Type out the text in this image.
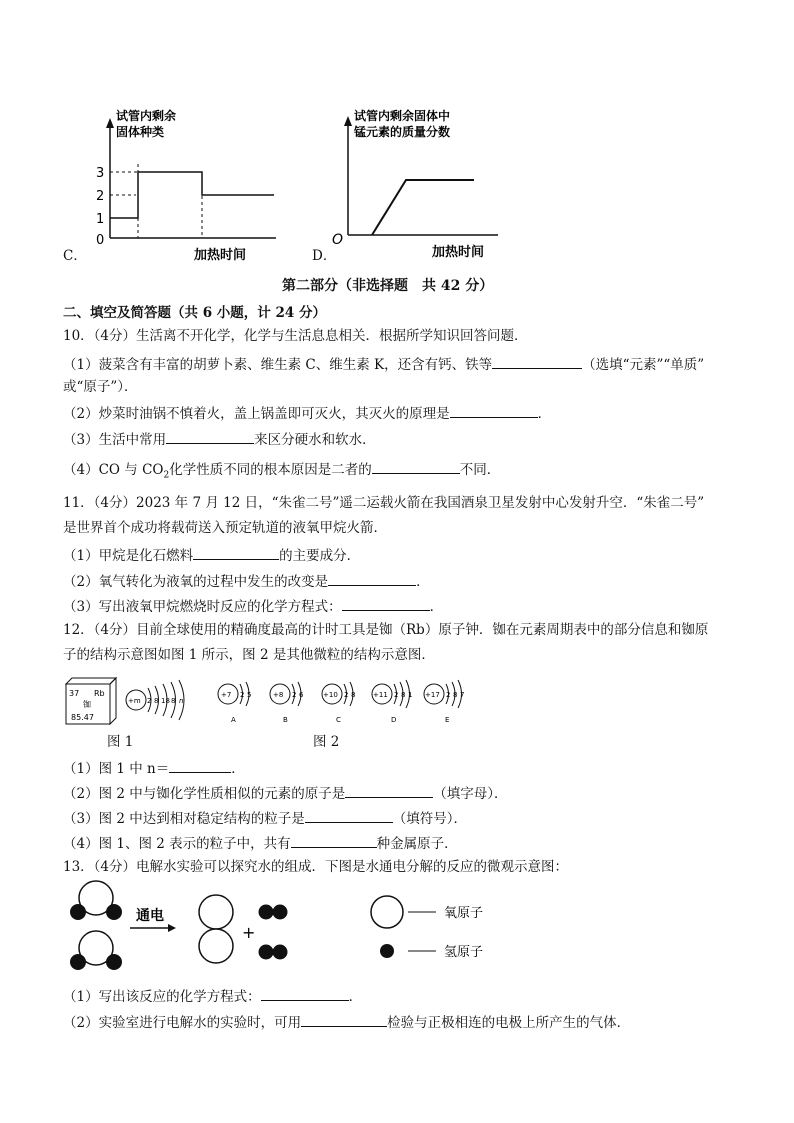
C．
试管内剩余
固体种类
3
2
1
0
加热时间	D．
试管内剩余固体中
锰元素的质量分数
O
加热时间
第二部分（非选择题　共 42 分）
二、填空及简答题（共 6 小题，计 24 分）
10．（4分）生活离不开化学，化学与生活息息相关．根据所学知识回答问题．
（1）菠菜含有丰富的胡萝卜素、维生素 C、维生素 K，还含有钙、铁等	（选填“元素”“单质”
或“原子”）．
（2）炒菜时油锅不慎着火，盖上锅盖即可灭火，其灭火的原理是	．
（3）生活中常用	来区分硬水和软水．
（4）CO 与 $CO_2$化学性质不同的根本原因是二者的	不同．
11．（4分）2023 年 7 月 12 日，“朱雀二号”遥二运载火箭在我国酒泉卫星发射中心发射升空．“朱雀二号”
是世界首个成功将载荷送入预定轨道的液氧甲烷火箭．
（1）甲烷是化石燃料	的主要成分．
（2）氧气转化为液氧的过程中发生的改变是	．
（3）写出液氧甲烷燃烧时反应的化学方程式：	．
12．（4分）目前全球使用的精确度最高的计时工具是铷（Rb）原子钟．铷在元素周期表中的部分信息和铷原
子的结构示意图如图 1 所示，图 2 是其他微粒的结构示意图．
37 Rb
铷
85.47
+m 2 8 18 8 n
+7 2 5
A
+8 2 6
B
+10 2 8
C
+11 2 8 1
D
+17 2 8 7
E
图 1	图 2
（1）图 1 中 n＝	．
（2）图 2 中与铷化学性质相似的元素的原子是	（填字母）．
（3）图 2 中达到相对稳定结构的粒子是	（填符号）．
（4）图 1、图 2 表示的粒子中，共有	种金属原子．
13．（4分）电解水实验可以探究水的组成．下图是水通电分解的反应的微观示意图：
通电
+
氧原子
氢原子
（1）写出该反应的化学方程式：	．
（2）实验室进行电解水的实验时，可用	检验与正极相连的电极上所产生的气体．
